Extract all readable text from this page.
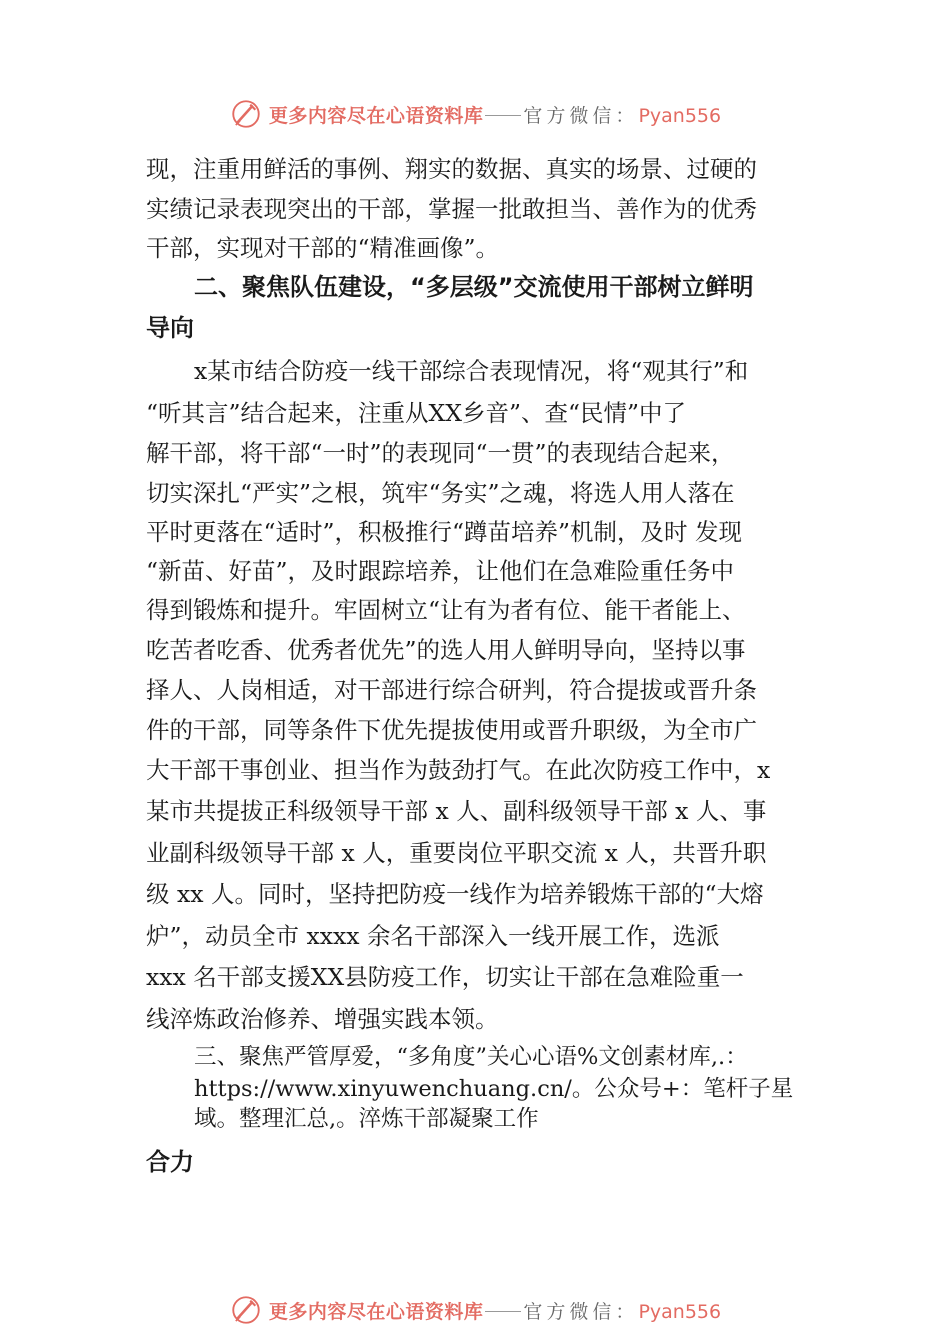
更多内容尽在心语资料库 官方微信： Pyan556
现，注重用鲜活的事例、翔实的数据、真实的场景、过硬的
实绩记录表现突出的干部，掌握一批敢担当、善作为的优秀
干部，实现对干部的“精准画像”。
二、聚焦队伍建设，“多层级”交流使用干部树立鲜明
导向
x某市结合防疫一线干部综合表现情况，将“观其行”和
“听其言”结合起来，注重从XX乡音”、查“民情”中了
解干部，将干部“一时”的表现同“一贯”的表现结合起来，
切实深扎“严实”之根，筑牢“务实”之魂，将选人用人落在
平时更落在“适时”，积极推行“蹲苗培养”机制，及时 发现
“新苗、好苗”，及时跟踪培养，让他们在急难险重任务中
得到锻炼和提升。牢固树立“让有为者有位、能干者能上、
吃苦者吃香、优秀者优先”的选人用人鲜明导向，坚持以事
择人、人岗相适，对干部进行综合研判，符合提拔或晋升条
件的干部，同等条件下优先提拔使用或晋升职级，为全市广
大干部干事创业、担当作为鼓劲打气。在此次防疫工作中，x
某市共提拔正科级领导干部 x 人、副科级领导干部 x 人、事
业副科级领导干部 x 人，重要岗位平职交流 x 人，共晋升职
级 xx 人。同时，坚持把防疫一线作为培养锻炼干部的“大熔
炉”，动员全市 xxxx 余名干部深入一线开展工作，选派
xxx 名干部支援XX县防疫工作，切实让干部在急难险重一
线淬炼政治修养、增强实践本领。
三、聚焦严管厚爱，“多角度”关心心语%文创素材库,.：
https://www.xinyuwenchuang.cn/。公众号+：笔杆子星
域。整理汇总,。淬炼干部凝聚工作
合力
更多内容尽在心语资料库 官方微信： Pyan556
